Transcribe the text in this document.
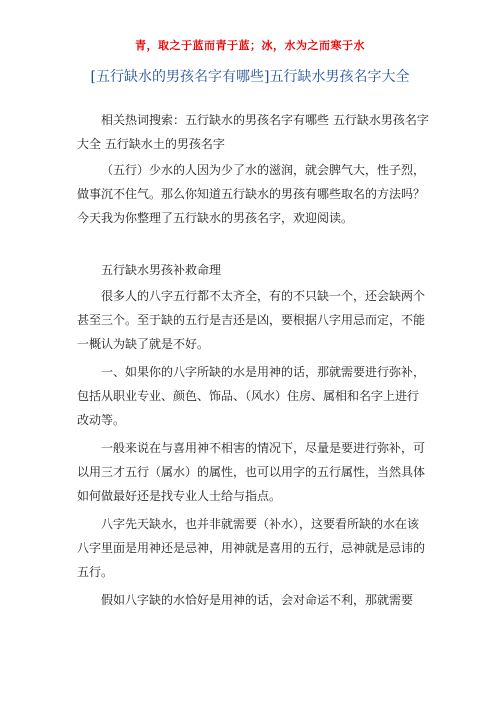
青，取之于蓝而青于蓝；冰，水为之而寒于水
[五行缺水的男孩名字有哪些]五行缺水男孩名字大全

相关热词搜索：五行缺水的男孩名字有哪些 五行缺水男孩名字大全 五行缺水土的男孩名字

（五行）少水的人因为少了水的滋润，就会脾气大，性子烈，做事沉不住气。那么你知道五行缺水的男孩有哪些取名的方法吗？今天我为你整理了五行缺水的男孩名字，欢迎阅读。

五行缺水男孩补救命理

很多人的八字五行都不太齐全，有的不只缺一个，还会缺两个甚至三个。至于缺的五行是吉还是凶，要根据八字用忌而定，不能一概认为缺了就是不好。

一、如果你的八字所缺的水是用神的话，那就需要进行弥补，包括从职业专业、颜色、饰品、（风水）住房、属相和名字上进行改动等。

一般来说在与喜用神不相害的情况下，尽量是要进行弥补，可以用三才五行（属水）的属性，也可以用字的五行属性，当然具体如何做最好还是找专业人士给与指点。

八字先天缺水，也并非就需要（补水），这要看所缺的水在该八字里面是用神还是忌神，用神就是喜用的五行，忌神就是忌讳的五行。

假如八字缺的水恰好是用神的话，会对命运不利，那就需要
